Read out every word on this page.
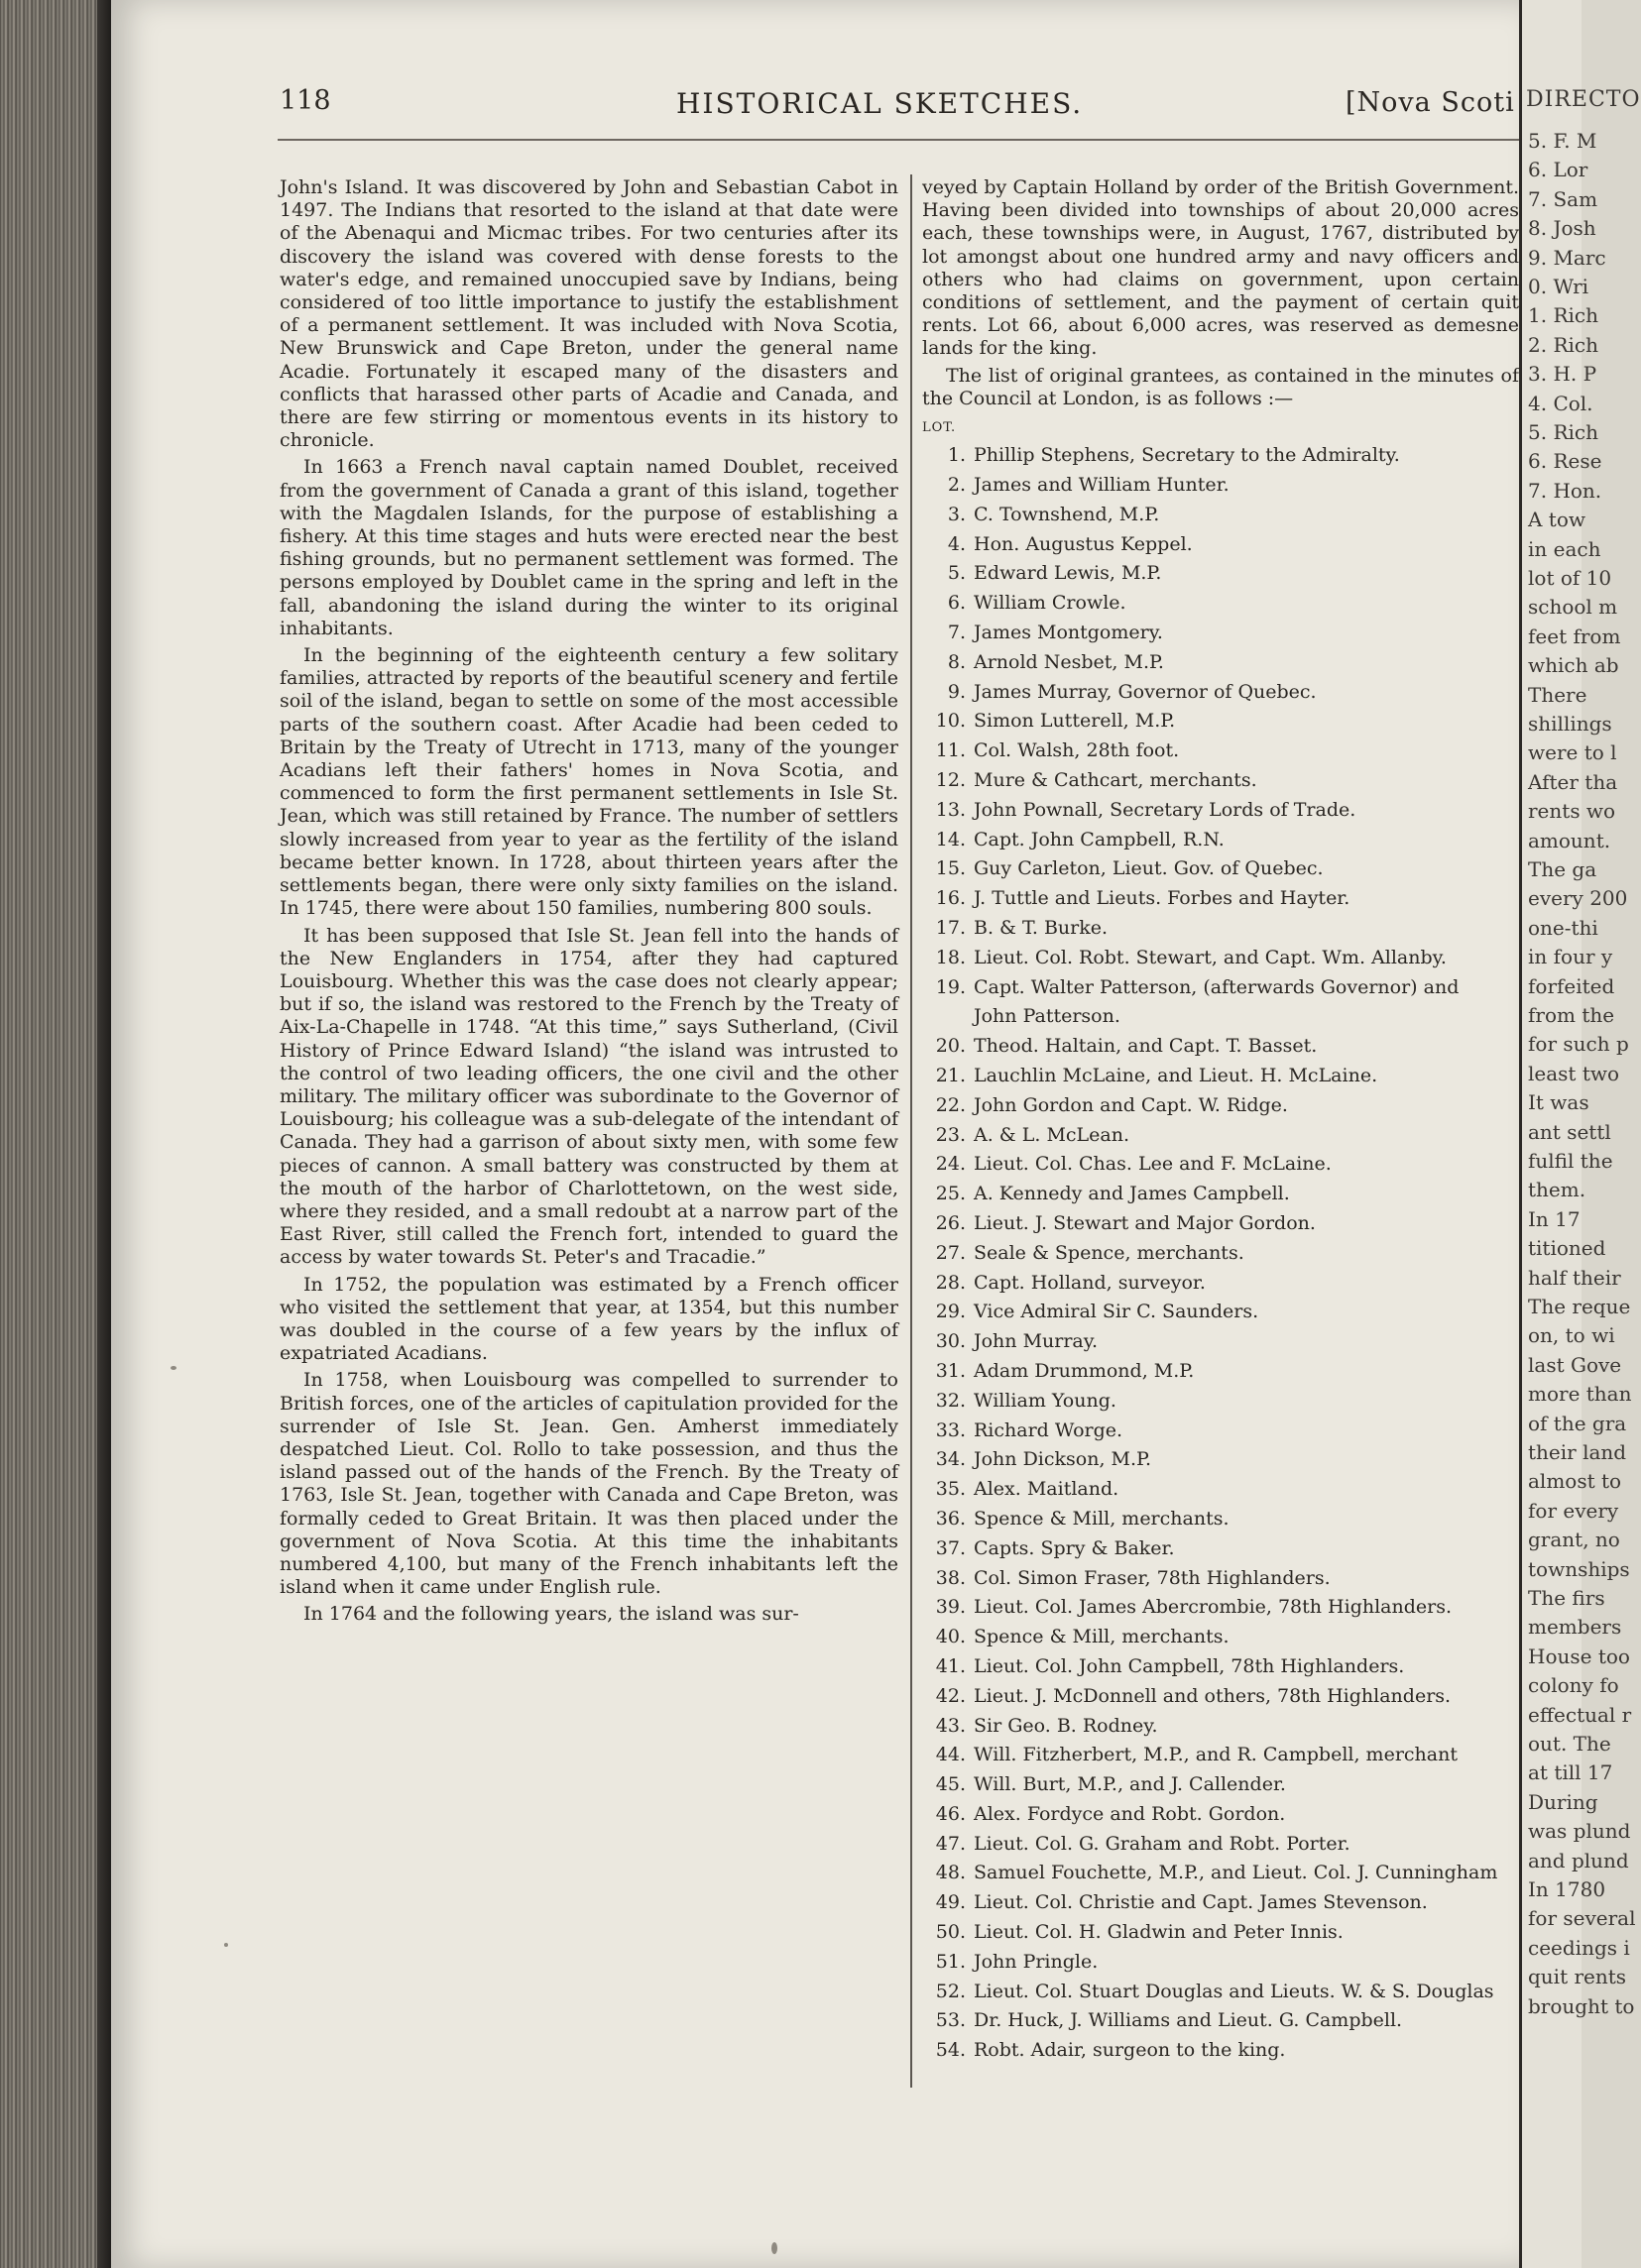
DIRECTO
5. F. M
6. Lor
7. Sam
8. Josh
9. Marc
0. Wri
1. Rich
2. Rich
3. H. P
4. Col.
5. Rich
6. Rese
7. Hon.
A tow
in each
lot of 10
school m
feet from
which ab
There
shillings
were to l
After tha
rents wo
amount.
The ga
every 200
one-thi
in four y
forfeited
from the
for such p
least two
It was
ant settl
fulfil the
them.
In 17
titioned
half their
The reque
on, to wi
last Gove
more than
of the gra
their land
almost to
for every
grant, no
townships
The firs
members
House too
colony fo
effectual r
out. The
at till 17
During
was plund
and plund
In 1780
for several
ceedings i
quit rents
brought to
118	HISTORICAL SKETCHES.	[Nova Scoti

John's Island. It was discovered by John and Sebastian Cabot in 1497. The Indians that resorted to the island at that date were of the Abenaqui and Micmac tribes. For two centuries after its discovery the island was covered with dense forests to the water's edge, and remained unoccupied save by Indians, being considered of too little importance to justify the establishment of a permanent settlement. It was included with Nova Scotia, New Brunswick and Cape Breton, under the general name Acadie. Fortunately it escaped many of the disasters and conflicts that harassed other parts of Acadie and Canada, and there are few stirring or momentous events in its history to chronicle.

In 1663 a French naval captain named Doublet, received from the government of Canada a grant of this island, together with the Magdalen Islands, for the purpose of establishing a fishery. At this time stages and huts were erected near the best fishing grounds, but no permanent settlement was formed. The persons employed by Doublet came in the spring and left in the fall, abandoning the island during the winter to its original inhabitants.

In the beginning of the eighteenth century a few solitary families, attracted by reports of the beautiful scenery and fertile soil of the island, began to settle on some of the most accessible parts of the southern coast. After Acadie had been ceded to Britain by the Treaty of Utrecht in 1713, many of the younger Acadians left their fathers' homes in Nova Scotia, and commenced to form the first permanent settlements in Isle St. Jean, which was still retained by France. The number of settlers slowly increased from year to year as the fertility of the island became better known. In 1728, about thirteen years after the settlements began, there were only sixty families on the island. In 1745, there were about 150 families, numbering 800 souls.

It has been supposed that Isle St. Jean fell into the hands of the New Englanders in 1754, after they had captured Louisbourg. Whether this was the case does not clearly appear; but if so, the island was restored to the French by the Treaty of Aix-La-Chapelle in 1748. “At this time,” says Sutherland, (Civil History of Prince Edward Island) “the island was intrusted to the control of two leading officers, the one civil and the other military. The military officer was subordinate to the Governor of Louisbourg; his colleague was a sub-delegate of the intendant of Canada. They had a garrison of about sixty men, with some few pieces of cannon. A small battery was constructed by them at the mouth of the harbor of Charlottetown, on the west side, where they resided, and a small redoubt at a narrow part of the East River, still called the French fort, intended to guard the access by water towards St. Peter's and Tracadie.”

In 1752, the population was estimated by a French officer who visited the settlement that year, at 1354, but this number was doubled in the course of a few years by the influx of expatriated Acadians.

In 1758, when Louisbourg was compelled to surrender to British forces, one of the articles of capitulation provided for the surrender of Isle St. Jean. Gen. Amherst immediately despatched Lieut. Col. Rollo to take possession, and thus the island passed out of the hands of the French. By the Treaty of 1763, Isle St. Jean, together with Canada and Cape Breton, was formally ceded to Great Britain. It was then placed under the government of Nova Scotia. At this time the inhabitants numbered 4,100, but many of the French inhabitants left the island when it came under English rule.

In 1764 and the following years, the island was sur-

veyed by Captain Holland by order of the British Government. Having been divided into townships of about 20,000 acres each, these townships were, in August, 1767, distributed by lot amongst about one hundred army and navy officers and others who had claims on government, upon certain conditions of settlement, and the payment of certain quit rents. Lot 66, about 6,000 acres, was reserved as demesne lands for the king.

The list of original grantees, as contained in the minutes of the Council at London, is as follows :—

LOT.
1. Phillip Stephens, Secretary to the Admiralty.
2. James and William Hunter.
3. C. Townshend, M.P.
4. Hon. Augustus Keppel.
5. Edward Lewis, M.P.
6. William Crowle.
7. James Montgomery.
8. Arnold Nesbet, M.P.
9. James Murray, Governor of Quebec.
10. Simon Lutterell, M.P.
11. Col. Walsh, 28th foot.
12. Mure & Cathcart, merchants.
13. John Pownall, Secretary Lords of Trade.
14. Capt. John Campbell, R.N.
15. Guy Carleton, Lieut. Gov. of Quebec.
16. J. Tuttle and Lieuts. Forbes and Hayter.
17. B. & T. Burke.
18. Lieut. Col. Robt. Stewart, and Capt. Wm. Allanby.
19. Capt. Walter Patterson, (afterwards Governor) and
John Patterson.
20. Theod. Haltain, and Capt. T. Basset.
21. Lauchlin McLaine, and Lieut. H. McLaine.
22. John Gordon and Capt. W. Ridge.
23. A. & L. McLean.
24. Lieut. Col. Chas. Lee and F. McLaine.
25. A. Kennedy and James Campbell.
26. Lieut. J. Stewart and Major Gordon.
27. Seale & Spence, merchants.
28. Capt. Holland, surveyor.
29. Vice Admiral Sir C. Saunders.
30. John Murray.
31. Adam Drummond, M.P.
32. William Young.
33. Richard Worge.
34. John Dickson, M.P.
35. Alex. Maitland.
36. Spence & Mill, merchants.
37. Capts. Spry & Baker.
38. Col. Simon Fraser, 78th Highlanders.
39. Lieut. Col. James Abercrombie, 78th Highlanders.
40. Spence & Mill, merchants.
41. Lieut. Col. John Campbell, 78th Highlanders.
42. Lieut. J. McDonnell and others, 78th Highlanders.
43. Sir Geo. B. Rodney.
44. Will. Fitzherbert, M.P., and R. Campbell, merchant
45. Will. Burt, M.P., and J. Callender.
46. Alex. Fordyce and Robt. Gordon.
47. Lieut. Col. G. Graham and Robt. Porter.
48. Samuel Fouchette, M.P., and Lieut. Col. J. Cunningham
49. Lieut. Col. Christie and Capt. James Stevenson.
50. Lieut. Col. H. Gladwin and Peter Innis.
51. John Pringle.
52. Lieut. Col. Stuart Douglas and Lieuts. W. & S. Douglas
53. Dr. Huck, J. Williams and Lieut. G. Campbell.
54. Robt. Adair, surgeon to the king.
